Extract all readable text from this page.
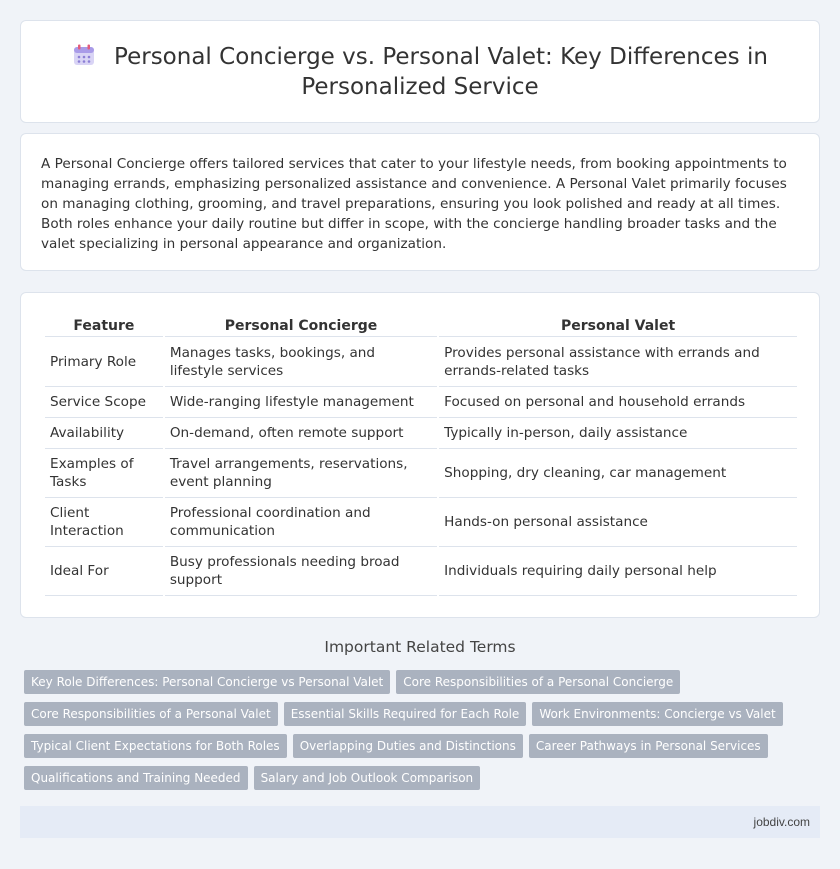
Personal Concierge vs. Personal Valet: Key Differences in Personalized Service

A Personal Concierge offers tailored services that cater to your lifestyle needs, from booking appointments to managing errands, emphasizing personalized assistance and convenience. A Personal Valet primarily focuses on managing clothing, grooming, and travel preparations, ensuring you look polished and ready at all times. Both roles enhance your daily routine but differ in scope, with the concierge handling broader tasks and the valet specializing in personal appearance and organization.

Feature	Personal Concierge	Personal Valet
Primary Role	Manages tasks, bookings, and lifestyle services	Provides personal assistance with errands and errands-related tasks
Service Scope	Wide-ranging lifestyle management	Focused on personal and household errands
Availability	On-demand, often remote support	Typically in-person, daily assistance
Examples of Tasks	Travel arrangements, reservations, event planning	Shopping, dry cleaning, car management
Client Interaction	Professional coordination and communication	Hands-on personal assistance
Ideal For	Busy professionals needing broad support	Individuals requiring daily personal help
Important Related Terms
Key Role Differences: Personal Concierge vs Personal Valet	Core Responsibilities of a Personal Concierge
Core Responsibilities of a Personal Valet	Essential Skills Required for Each Role	Work Environments: Concierge vs Valet
Typical Client Expectations for Both Roles	Overlapping Duties and Distinctions	Career Pathways in Personal Services
Qualifications and Training Needed	Salary and Job Outlook Comparison
jobdiv.com
